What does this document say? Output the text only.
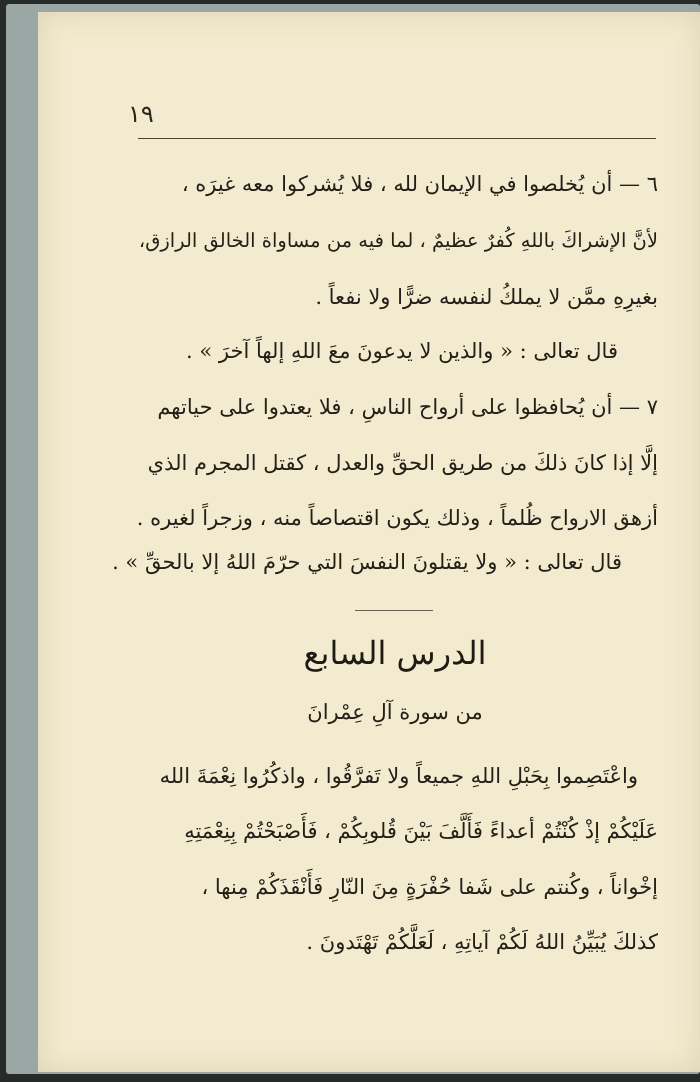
١٩
٦ — أن يُخلصوا في الإيمان لله ، فلا يُشركوا معه غيرَه ،
لأنَّ الإشراكَ باللهِ كُفرٌ عظيمٌ ، لما فيه من مساواة الخالق الرازق،
بغيرِهِ ممَّن لا يملكُ لنفسه ضرًّا ولا نفعاً .
قال تعالى : « والذين لا يدعونَ معَ اللهِ إلهاً آخرَ » .
٧ — أن يُحافظوا على أرواح الناسِ ، فلا يعتدوا على حياتهم
إلَّا إذا كانَ ذلكَ من طريق الحقِّ والعدل ، كقتل المجرم الذي
أزهق الارواح ظُلماً ، وذلك يكون اقتصاصاً منه ، وزجراً لغيره .
قال تعالى : « ولا يقتلونَ النفسَ التي حرّمَ اللهُ إلا بالحقِّ » .
الدرس السابع
من سورة آلِ عِمْرانَ
واعْتَصِموا بِحَبْلِ اللهِ جميعاً ولا تَفرَّقُوا ، واذكُرُوا نِعْمَةَ الله
عَلَيْكُمْ إذْ كُنْتُمْ أعداءً فَأَلَّفَ بَيْنَ قُلوبِكُمْ ، فَأَصْبَحْتُمْ بِنِعْمَتِهِ
إخْواناً ، وكُنتم على شَفا حُفْرَةٍ مِنَ النّارِ فَأَنْقَذَكُمْ مِنها ،
كذلكَ يُبَيِّنُ اللهُ لَكُمْ آياتِهِ ، لَعَلَّكُمْ تَهْتَدونَ .
